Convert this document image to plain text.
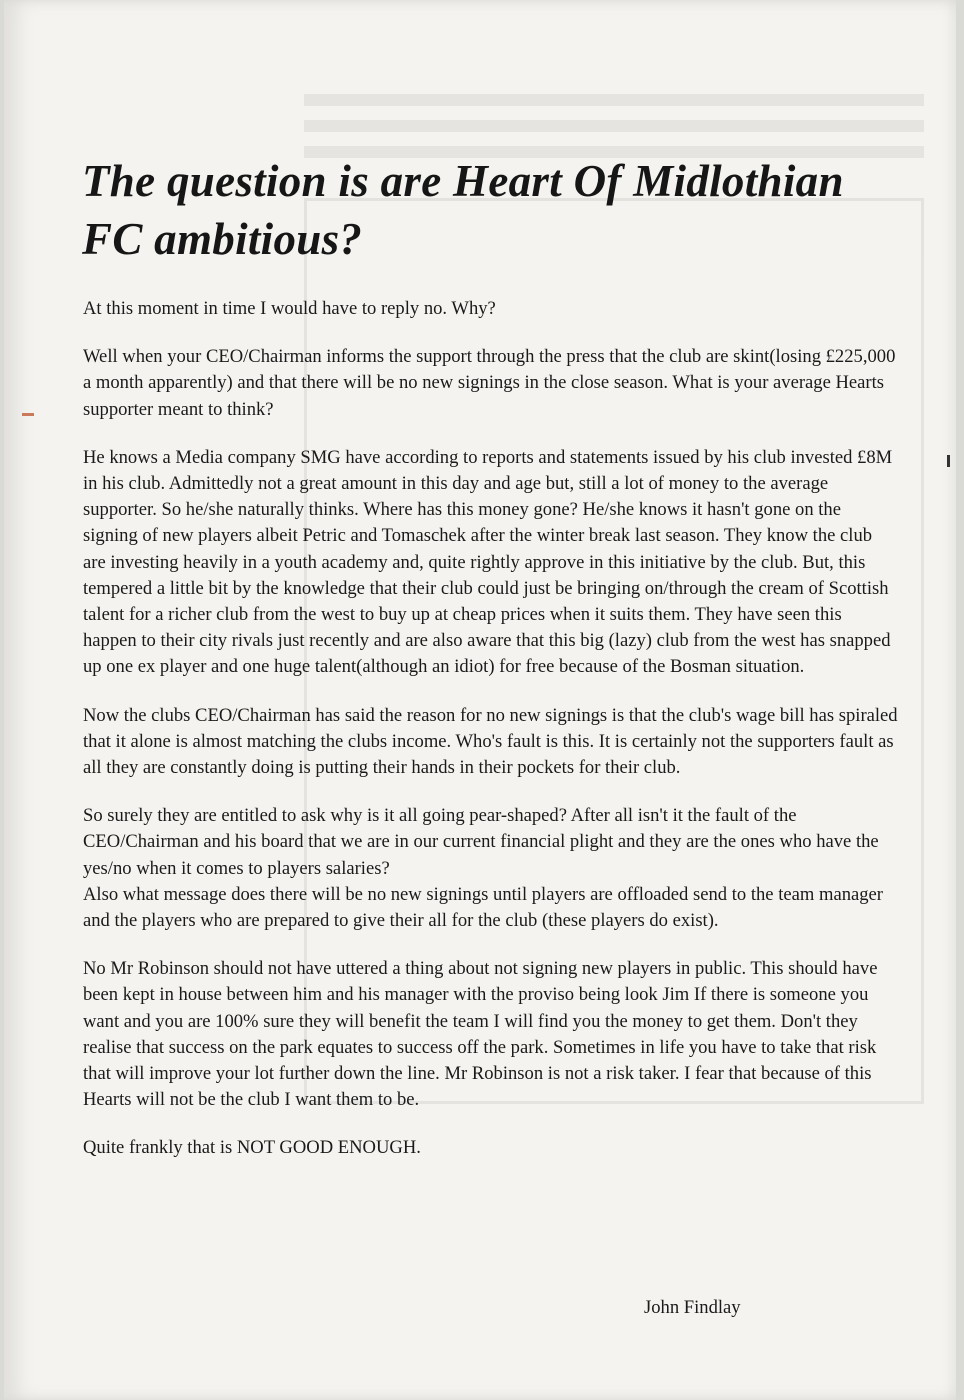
The question is are Heart Of Midlothian FC ambitious?

At this moment in time I would have to reply no. Why?

Well when your CEO/Chairman informs the support through the press that the club are skint(losing £225,000 a month apparently) and that there will be no new signings in the close season. What is your average Hearts supporter meant to think?

He knows a Media company SMG have according to reports and statements issued by his club invested £8M in his club. Admittedly not a great amount in this day and age but, still a lot of money to the average supporter. So he/she naturally thinks. Where has this money gone? He/she knows it hasn't gone on the signing of new players albeit Petric and Tomaschek after the winter break last season. They know the club are investing heavily in a youth academy and, quite rightly approve in this initiative by the club. But, this tempered a little bit by the knowledge that their club could just be bringing on/through the cream of Scottish talent for a richer club from the west to buy up at cheap prices when it suits them. They have seen this happen to their city rivals just recently and are also aware that this big (lazy) club from the west has snapped up one ex player and one huge talent(although an idiot) for free because of the Bosman situation.

Now the clubs CEO/Chairman has said the reason for no new signings is that the club's wage bill has spiraled that it alone is almost matching the clubs income. Who's fault is this. It is certainly not the supporters fault as all they are constantly doing is putting their hands in their pockets for their club.

So surely they are entitled to ask why is it all going pear-shaped? After all isn't it the fault of the CEO/Chairman and his board that we are in our current financial plight and they are the ones who have the yes/no when it comes to players salaries?

Also what message does there will be no new signings until players are offloaded send to the team manager and the players who are prepared to give their all for the club (these players do exist).

No Mr Robinson should not have uttered a thing about not signing new players in public. This should have been kept in house between him and his manager with the proviso being look Jim If there is someone you want and you are 100% sure they will benefit the team I will find you the money to get them. Don't they realise that success on the park equates to success off the park. Sometimes in life you have to take that risk that will improve your lot further down the line. Mr Robinson is not a risk taker. I fear that because of this Hearts will not be the club I want them to be.

Quite frankly that is NOT GOOD ENOUGH.

John Findlay
